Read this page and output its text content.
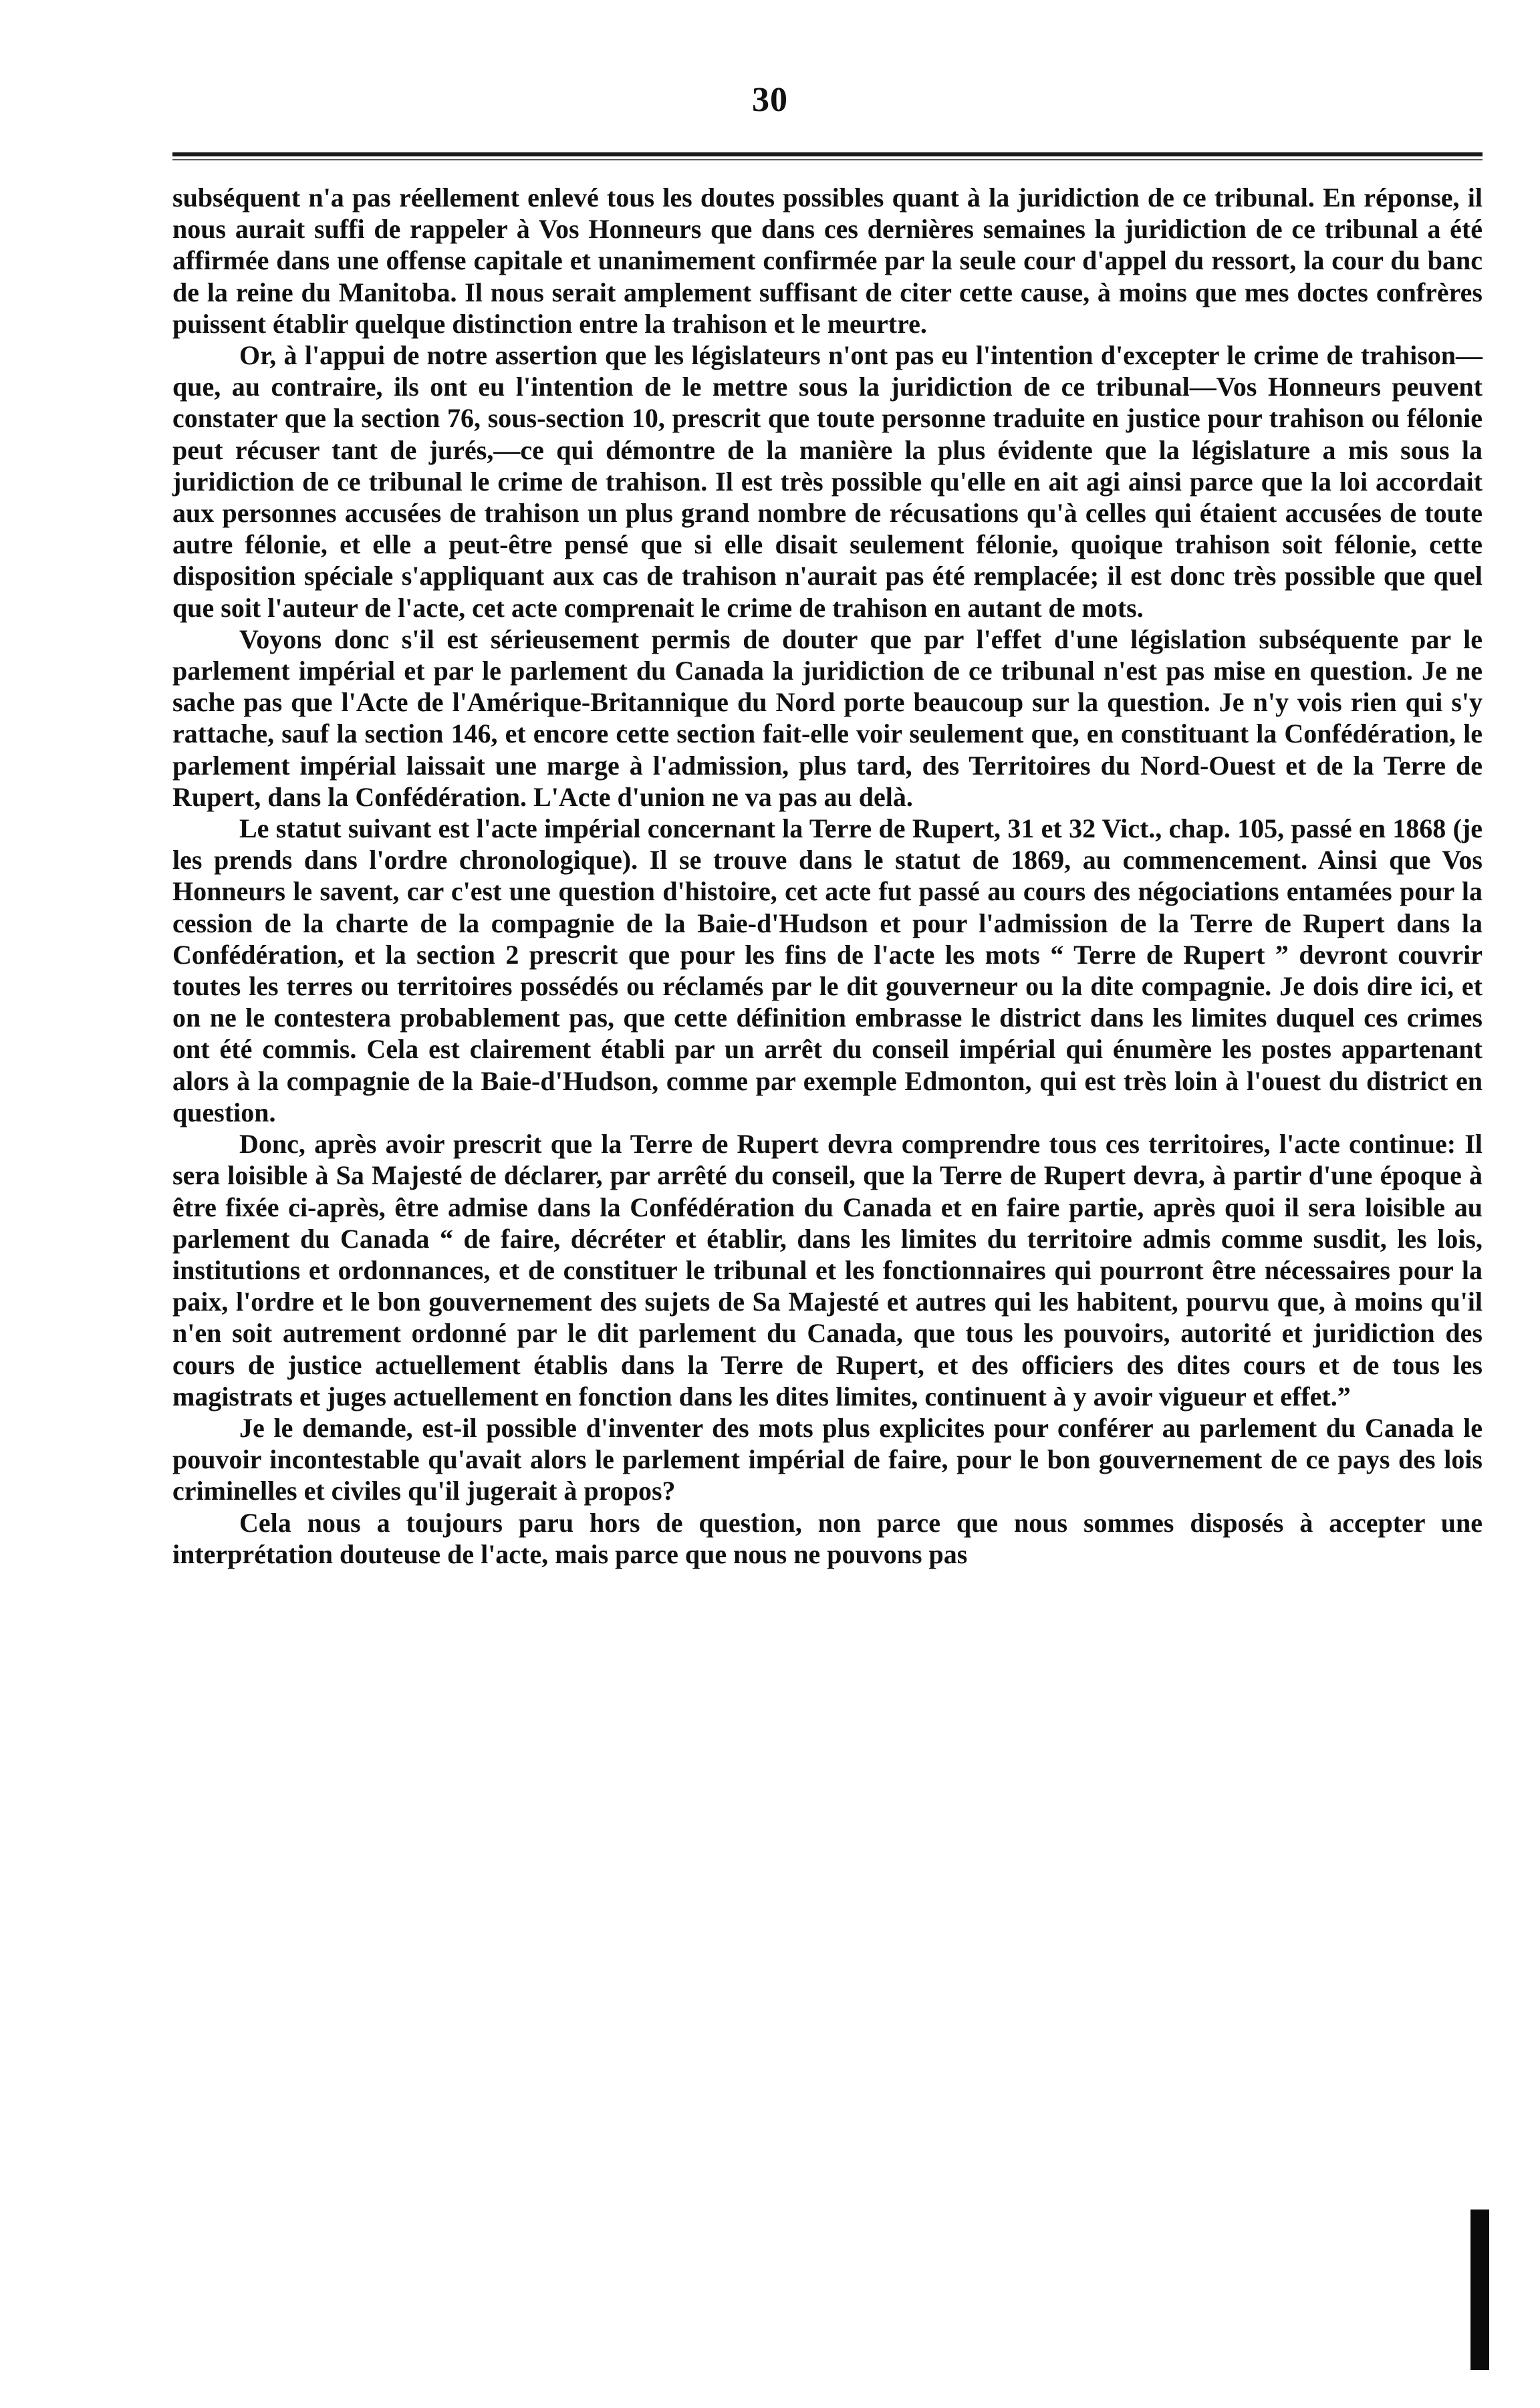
30

subséquent n'a pas réellement enlevé tous les doutes possibles quant à la juridiction de ce tribunal. En réponse, il nous aurait suffi de rappeler à Vos Honneurs que dans ces dernières semaines la juridiction de ce tribunal a été affirmée dans une offense capitale et unanimement confirmée par la seule cour d'appel du ressort, la cour du banc de la reine du Manitoba. Il nous serait amplement suffisant de citer cette cause, à moins que mes doctes confrères puissent établir quelque distinction entre la trahison et le meurtre.

Or, à l'appui de notre assertion que les législateurs n'ont pas eu l'intention d'excepter le crime de trahison—que, au contraire, ils ont eu l'intention de le mettre sous la juridiction de ce tribunal—Vos Honneurs peuvent constater que la section 76, sous-section 10, prescrit que toute personne traduite en justice pour trahison ou félonie peut récuser tant de jurés,—ce qui démontre de la manière la plus évidente que la législature a mis sous la juridiction de ce tribunal le crime de trahison. Il est très possible qu'elle en ait agi ainsi parce que la loi accordait aux personnes accusées de trahison un plus grand nombre de récusations qu'à celles qui étaient accusées de toute autre félonie, et elle a peut-être pensé que si elle disait seulement félonie, quoique trahison soit félonie, cette disposition spéciale s'appliquant aux cas de trahison n'aurait pas été remplacée; il est donc très possible que quel que soit l'auteur de l'acte, cet acte comprenait le crime de trahison en autant de mots.

Voyons donc s'il est sérieusement permis de douter que par l'effet d'une législation subséquente par le parlement impérial et par le parlement du Canada la juridiction de ce tribunal n'est pas mise en question. Je ne sache pas que l'Acte de l'Amérique-Britannique du Nord porte beaucoup sur la question. Je n'y vois rien qui s'y rattache, sauf la section 146, et encore cette section fait-elle voir seulement que, en constituant la Confédération, le parlement impérial laissait une marge à l'admission, plus tard, des Territoires du Nord-Ouest et de la Terre de Rupert, dans la Confédération. L'Acte d'union ne va pas au delà.

Le statut suivant est l'acte impérial concernant la Terre de Rupert, 31 et 32 Vict., chap. 105, passé en 1868 (je les prends dans l'ordre chronologique). Il se trouve dans le statut de 1869, au commencement. Ainsi que Vos Honneurs le savent, car c'est une question d'histoire, cet acte fut passé au cours des négociations entamées pour la cession de la charte de la compagnie de la Baie-d'Hudson et pour l'admission de la Terre de Rupert dans la Confédération, et la section 2 prescrit que pour les fins de l'acte les mots “ Terre de Rupert ” devront couvrir toutes les terres ou territoires possédés ou réclamés par le dit gouverneur ou la dite compagnie. Je dois dire ici, et on ne le contestera probablement pas, que cette définition embrasse le district dans les limites duquel ces crimes ont été commis. Cela est clairement établi par un arrêt du conseil impérial qui énumère les postes appartenant alors à la compagnie de la Baie-d'Hudson, comme par exemple Edmonton, qui est très loin à l'ouest du district en question.

Donc, après avoir prescrit que la Terre de Rupert devra comprendre tous ces territoires, l'acte continue: Il sera loisible à Sa Majesté de déclarer, par arrêté du conseil, que la Terre de Rupert devra, à partir d'une époque à être fixée ci-après, être admise dans la Confédération du Canada et en faire partie, après quoi il sera loisible au parlement du Canada “ de faire, décréter et établir, dans les limites du territoire admis comme susdit, les lois, institutions et ordonnances, et de constituer le tribunal et les fonctionnaires qui pourront être nécessaires pour la paix, l'ordre et le bon gouvernement des sujets de Sa Majesté et autres qui les habitent, pourvu que, à moins qu'il n'en soit autrement ordonné par le dit parlement du Canada, que tous les pouvoirs, autorité et juridiction des cours de justice actuellement établis dans la Terre de Rupert, et des officiers des dites cours et de tous les magistrats et juges actuellement en fonction dans les dites limites, continuent à y avoir vigueur et effet.”

Je le demande, est-il possible d'inventer des mots plus explicites pour conférer au parlement du Canada le pouvoir incontestable qu'avait alors le parlement impérial de faire, pour le bon gouvernement de ce pays des lois criminelles et civiles qu'il jugerait à propos?

Cela nous a toujours paru hors de question, non parce que nous sommes disposés à accepter une interprétation douteuse de l'acte, mais parce que nous ne pouvons pas
